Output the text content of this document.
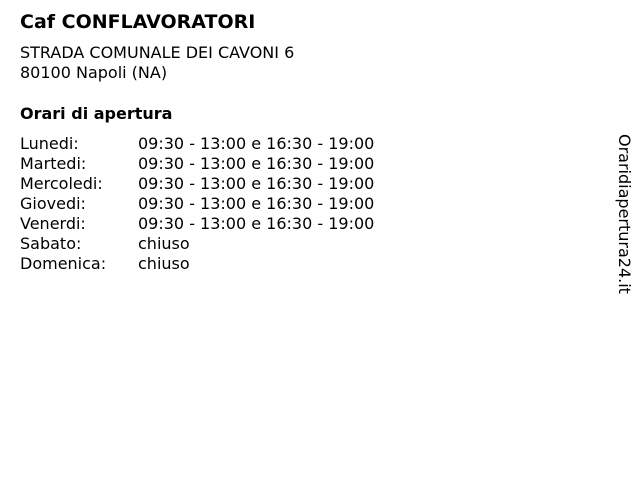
Caf CONFLAVORATORI
STRADA COMUNALE DEI CAVONI 6
80100 Napoli (NA)
Orari di apertura
Lunedi:	09:30 - 13:00 e 16:30 - 19:00
Martedi:	09:30 - 13:00 e 16:30 - 19:00
Mercoledi: 09:30 - 13:00 e 16:30 - 19:00
Giovedi:	09:30 - 13:00 e 16:30 - 19:00
Venerdi:	09:30 - 13:00 e 16:30 - 19:00
Sabato:	chiuso
Domenica: chiuso	Oraridiapertura24.it
